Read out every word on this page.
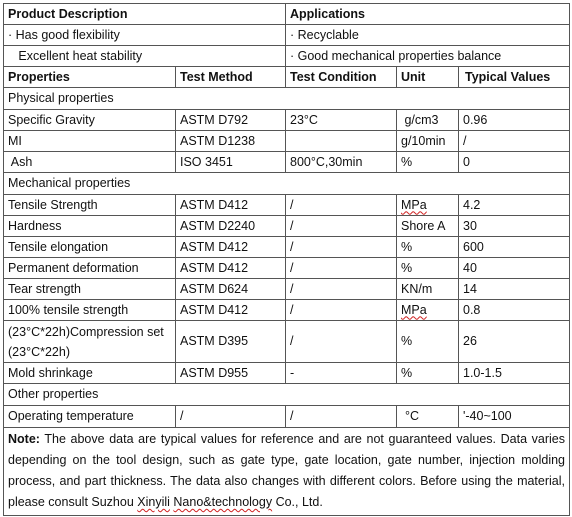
Product Description		Applications		
· Has good flexibility		· Recyclable		
Excellent heat stability		· Good mechanical properties balance		
Properties	Test Method	Test Condition	Unit	Typical Values
Physical properties				
Specific Gravity	ASTM D792	23°C	g/cm3	0.96
MI	ASTM D1238		g/10min	/
Ash	ISO 3451	800°C,30min	%	0
Mechanical properties				
Tensile Strength	ASTM D412	/	MPa	4.2
Hardness	ASTM D2240	/	Shore A	30
Tensile elongation	ASTM D412	/	%	600
Permanent deformation	ASTM D412	/	%	40
Tear strength	ASTM D624	/	KN/m	14
100% tensile strength	ASTM D412	/	MPa	0.8
(23°C*22h)Compression set (23°C*22h)	ASTM D395	/	%	26
Mold shrinkage	ASTM D955	-	%	1.0-1.5
Other properties				
Operating temperature	/	/	°C	'-40~100
Note: The above data are typical values for reference and are not guaranteed values. Data varies depending on the tool design, such as gate type, gate location, gate number, injection molding process, and part thickness. The data also changes with different colors. Before using the material, please consult Suzhou Xinyili Nano&technology Co., Ltd.				
